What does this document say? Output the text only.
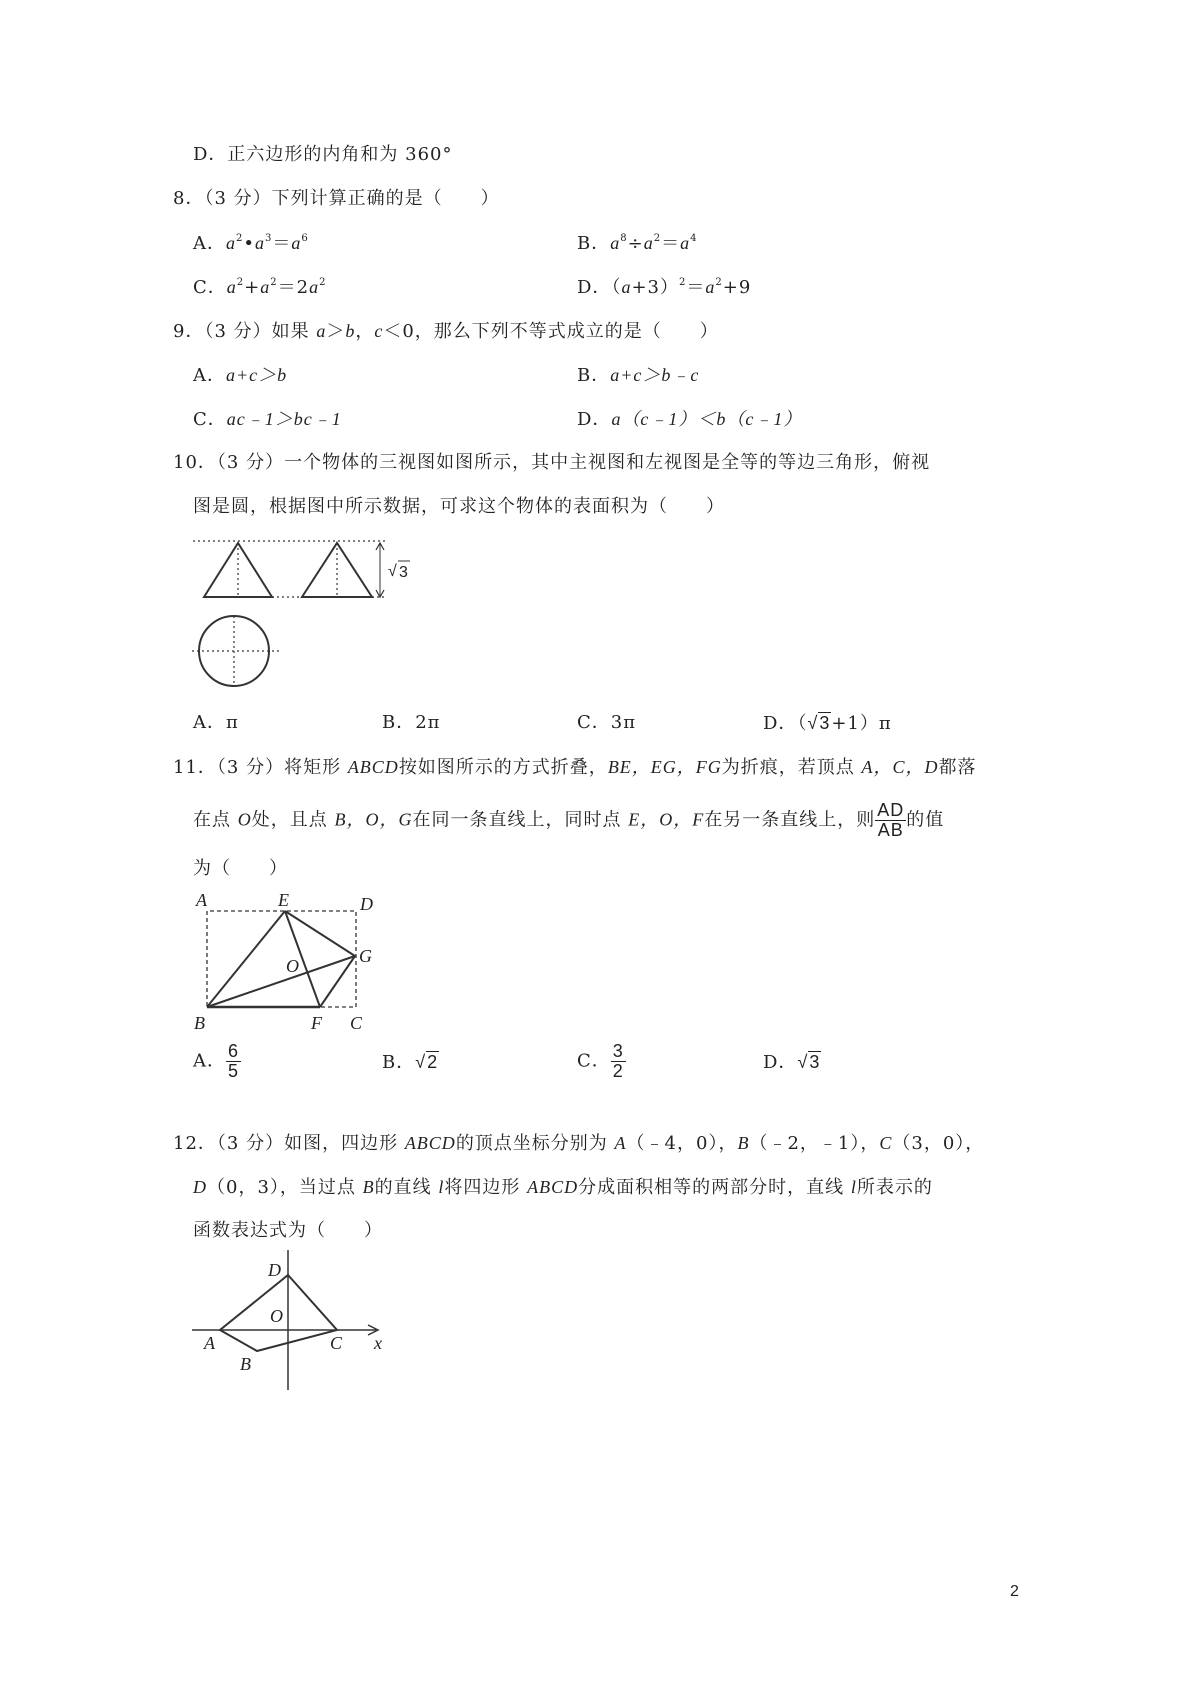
D．正六边形的内角和为 360°
8．（3 分）下列计算正确的是（　　）
A．$a^2•a^3=a^6$	B．$a^8\div a^2=a^4$
C．$a^2+a^2=2a^2$	D．$(a+3)^2=a^2+9$
9．（3 分）如果 a＞b，c＜0，那么下列不等式成立的是（　　）
A．a+c＞b	B．a+c＞b﹣c
C．ac﹣1＞bc﹣1	D．a（c﹣1）＜b（c﹣1）
10．（3 分）一个物体的三视图如图所示，其中主视图和左视图是全等的等边三角形，俯视
图是圆，根据图中所示数据，可求这个物体的表面积为（　　）
√ 3
A．π	B．2π	C．3π	D．（√3+1）π
11．（3 分）将矩形 ABCD按如图所示的方式折叠，BE，EG，FG为折痕，若顶点 A，C，D都落
在点 O处，且点 B，O，G在同一条直线上，同时点 E，O，F在另一条直线上，则 $\frac{AD}{AB}$ 的值
为（　　）
A	E	D
O	G
B	F C
A． $\frac{6}{5}$	B．√2	C． $\frac{3}{2}$	D．√3
12．（3 分）如图，四边形 ABCD的顶点坐标分别为 A（﹣4，0），B（﹣2，﹣1），C（3，0），
D（0，3），当过点 B的直线 l将四边形 ABCD分成面积相等的两部分时，直线 l所表示的
函数表达式为（　　）
D
O
A	C x
B
2
